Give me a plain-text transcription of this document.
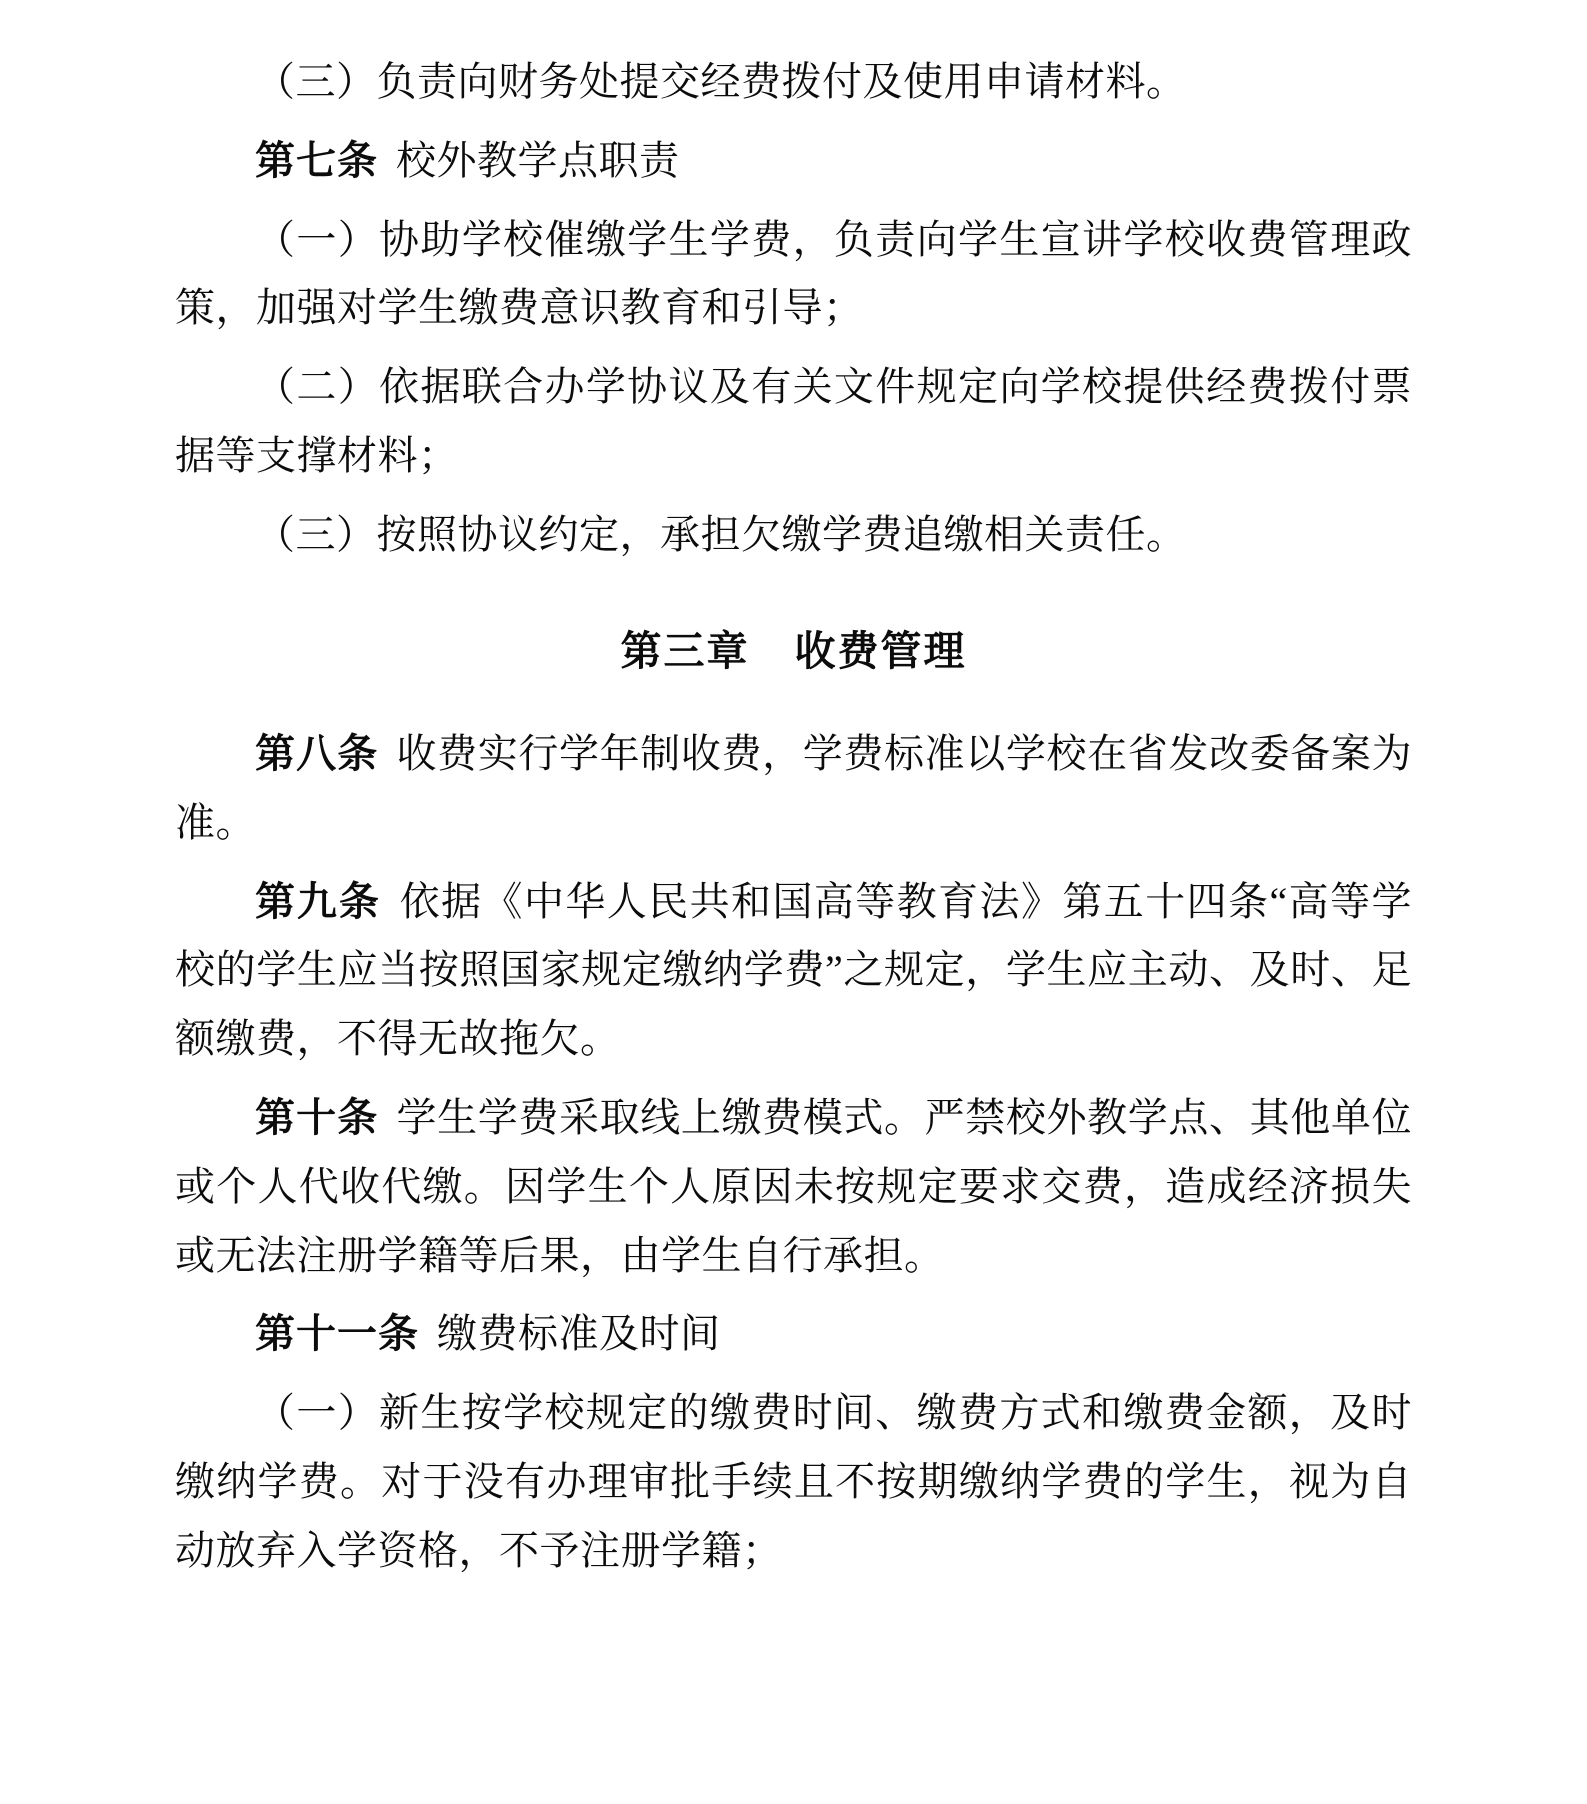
（三）负责向财务处提交经费拨付及使用申请材料。

第七条 校外教学点职责

（一）协助学校催缴学生学费，负责向学生宣讲学校收费管理政策，加强对学生缴费意识教育和引导；

（二）依据联合办学协议及有关文件规定向学校提供经费拨付票据等支撑材料；

（三）按照协议约定，承担欠缴学费追缴相关责任。

第三章 收费管理

第八条 收费实行学年制收费，学费标准以学校在省发改委备案为准。

第九条 依据《中华人民共和国高等教育法》第五十四条“高等学校的学生应当按照国家规定缴纳学费”之规定，学生应主动、及时、足额缴费，不得无故拖欠。

第十条 学生学费采取线上缴费模式。严禁校外教学点、其他单位或个人代收代缴。因学生个人原因未按规定要求交费，造成经济损失或无法注册学籍等后果，由学生自行承担。

第十一条 缴费标准及时间

（一）新生按学校规定的缴费时间、缴费方式和缴费金额，及时缴纳学费。对于没有办理审批手续且不按期缴纳学费的学生，视为自动放弃入学资格，不予注册学籍；
